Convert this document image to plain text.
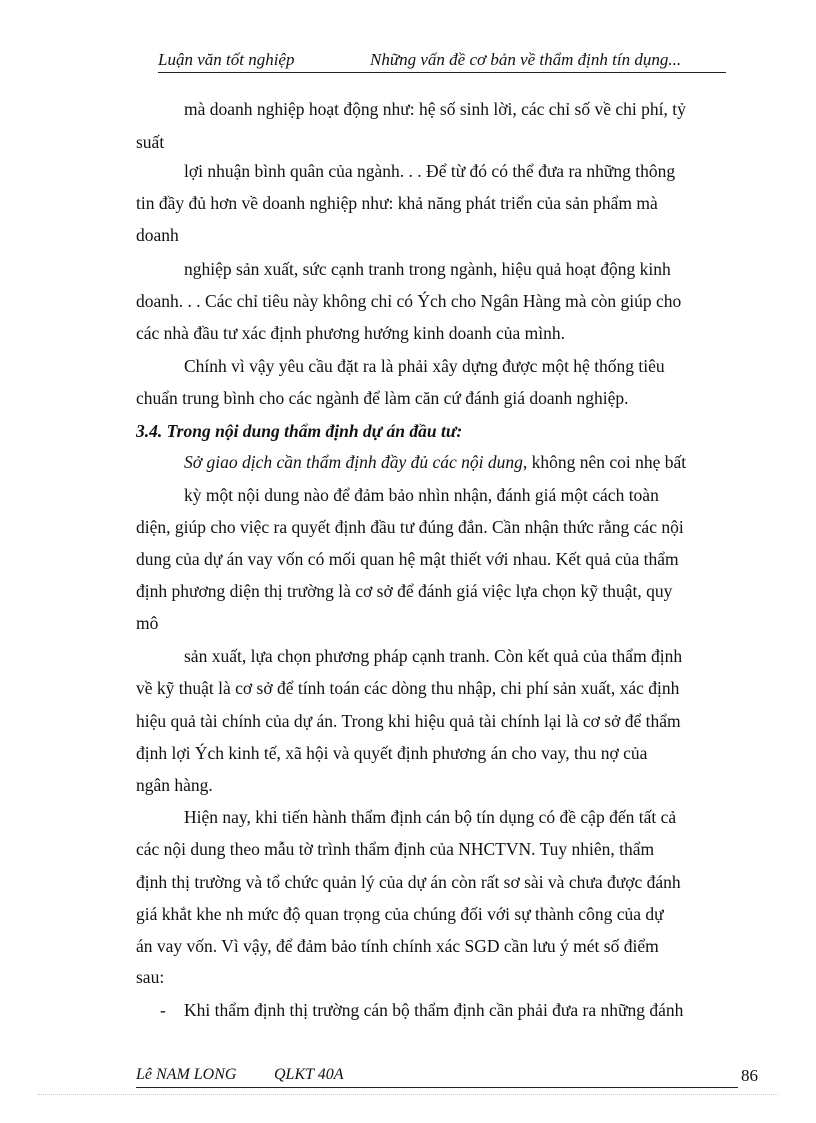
Luận văn tốt nghiệp	Những vấn đề cơ bản về thẩm định tín dụng...
mà doanh nghiệp hoạt động như: hệ số sinh lời, các chỉ số về chi phí, tỷ
suất
lợi nhuận bình quân của ngành. . . Để từ đó có thể đưa ra những thông
tin đầy đủ hơn về doanh nghiệp như: khả năng phát triển của sản phẩm mà
doanh
nghiệp sản xuất, sức cạnh tranh trong ngành, hiệu quả hoạt động kinh
doanh. . . Các chỉ tiêu này không chỉ có Ých cho Ngân Hàng mà còn giúp cho
các nhà đầu tư xác định phương hướng kinh doanh của mình.
Chính vì vậy yêu cầu đặt ra là phải xây dựng được một hệ thống tiêu
chuẩn trung bình cho các ngành để làm căn cứ đánh giá doanh nghiệp.
3.4. Trong nội dung thẩm định dự án đầu tư:
Sở giao dịch cần thẩm định đầy đủ các nội dung, không nên coi nhẹ bất
kỳ một nội dung nào để đảm bảo nhìn nhận, đánh giá một cách toàn
diện, giúp cho việc ra quyết định đầu tư đúng đắn. Cần nhận thức rằng các nội
dung của dự án vay vốn có mối quan hệ mật thiết với nhau. Kết quả của thẩm
định phương diện thị trường là cơ sở để đánh giá việc lựa chọn kỹ thuật, quy
mô
sản xuất, lựa chọn phương pháp cạnh tranh. Còn kết quả của thẩm định
về kỹ thuật là cơ sở để tính toán các dòng thu nhập, chi phí sản xuất, xác định
hiệu quả tài chính của dự án. Trong khi hiệu quả tài chính lại là cơ sở để thẩm
định lợi Ých kinh tế, xã hội và quyết định phương án cho vay, thu nợ của
ngân hàng.
Hiện nay, khi tiến hành thẩm định cán bộ tín dụng có đề cập đến tất cả
các nội dung theo mẫu tờ trình thẩm định của NHCTVN. Tuy nhiên, thẩm
định thị trường và tổ chức quản lý của dự án còn rất sơ sài và chưa được đánh
giá khắt khe nh mức độ quan trọng của chúng đối với sự thành công của dự
án vay vốn. Vì vậy, để đảm bảo tính chính xác SGD cần lưu ý mét số điểm
sau:
- Khi thẩm định thị trường cán bộ thẩm định cần phải đưa ra những đánh
Lê NAM LONG QLKT 40A	86
